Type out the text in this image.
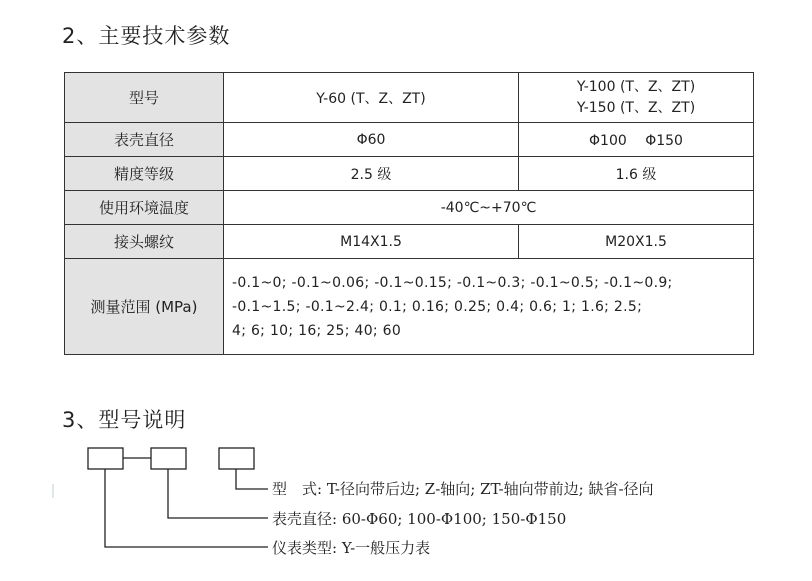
2、主要技术参数
型号	Y-60 (T、Z、ZT)	Y-100 (T、Z、ZT)
Y-150 (T、Z、ZT)

表壳直径	Φ60	Φ100　 Φ150
精度等级	2.5 级	1.6 级
使用环境温度	-40℃~+70℃	
接头螺纹	M14X1.5	M20X1.5
测量范围 (MPa)	-0.1~0; -0.1~0.06; -0.1~0.15; -0.1~0.3; -0.1~0.5; -0.1~0.9;
-0.1~1.5; -0.1~2.4; 0.1; 0.16; 0.25; 0.4; 0.6; 1; 1.6; 2.5;
4; 6; 10; 16; 25; 40; 60	
3、型号说明
型　式: T-径向带后边; Z-轴向; ZT-轴向带前边; 缺省-径向
表壳直径: 60-Φ60; 100-Φ100; 150-Φ150
仪表类型: Y-一般压力表
